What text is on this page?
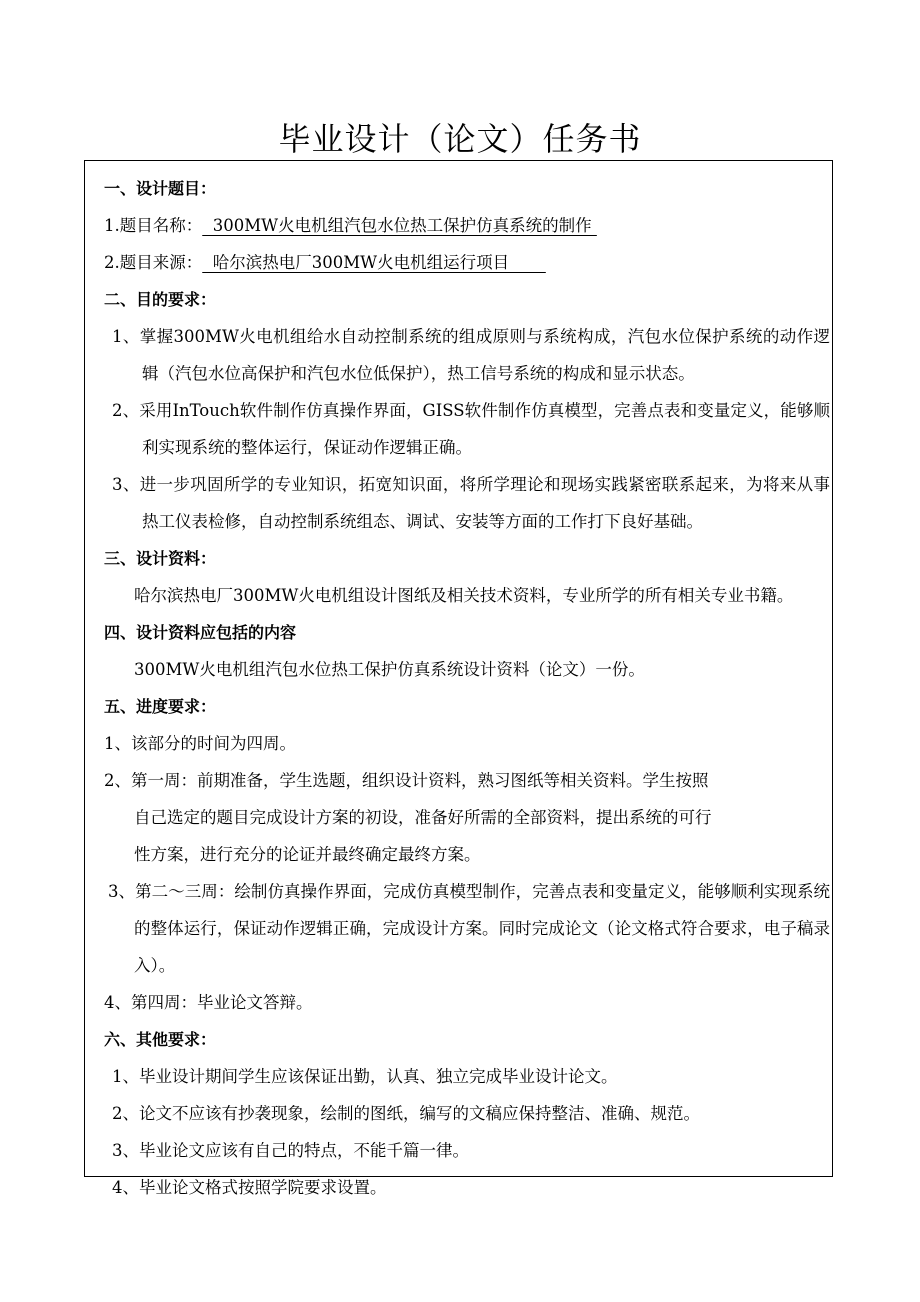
毕业设计（论文）任务书
一、设计题目：
1.题目名称：  300MW火电机组汽包水位热工保护仿真系统的制作
2.题目来源：  哈尔滨热电厂300MW火电机组运行项目
二、目的要求：
1、掌握300MW火电机组给水自动控制系统的组成原则与系统构成，汽包水位保护系统的动作逻辑（汽包水位高保护和汽包水位低保护），热工信号系统的构成和显示状态。
2、采用InTouch软件制作仿真操作界面，GISS软件制作仿真模型，完善点表和变量定义，能够顺利实现系统的整体运行，保证动作逻辑正确。
3、进一步巩固所学的专业知识，拓宽知识面，将所学理论和现场实践紧密联系起来，为将来从事热工仪表检修，自动控制系统组态、调试、安装等方面的工作打下良好基础。
三、设计资料：
哈尔滨热电厂300MW火电机组设计图纸及相关技术资料，专业所学的所有相关专业书籍。
四、设计资料应包括的内容
300MW火电机组汽包水位热工保护仿真系统设计资料（论文）一份。
五、进度要求：
1、该部分的时间为四周。
2、第一周：前期准备，学生选题，组织设计资料，熟习图纸等相关资料。学生按照
自己选定的题目完成设计方案的初设，准备好所需的全部资料，提出系统的可行
性方案，进行充分的论证并最终确定最终方案。
3、第二～三周：绘制仿真操作界面，完成仿真模型制作，完善点表和变量定义，能够顺利实现系统的整体运行，保证动作逻辑正确，完成设计方案。同时完成论文（论文格式符合要求，电子稿录入）。
4、第四周：毕业论文答辩。
六、其他要求：
1、毕业设计期间学生应该保证出勤，认真、独立完成毕业设计论文。
2、论文不应该有抄袭现象，绘制的图纸，编写的文稿应保持整洁、准确、规范。
3、毕业论文应该有自己的特点，不能千篇一律。
4、毕业论文格式按照学院要求设置。
